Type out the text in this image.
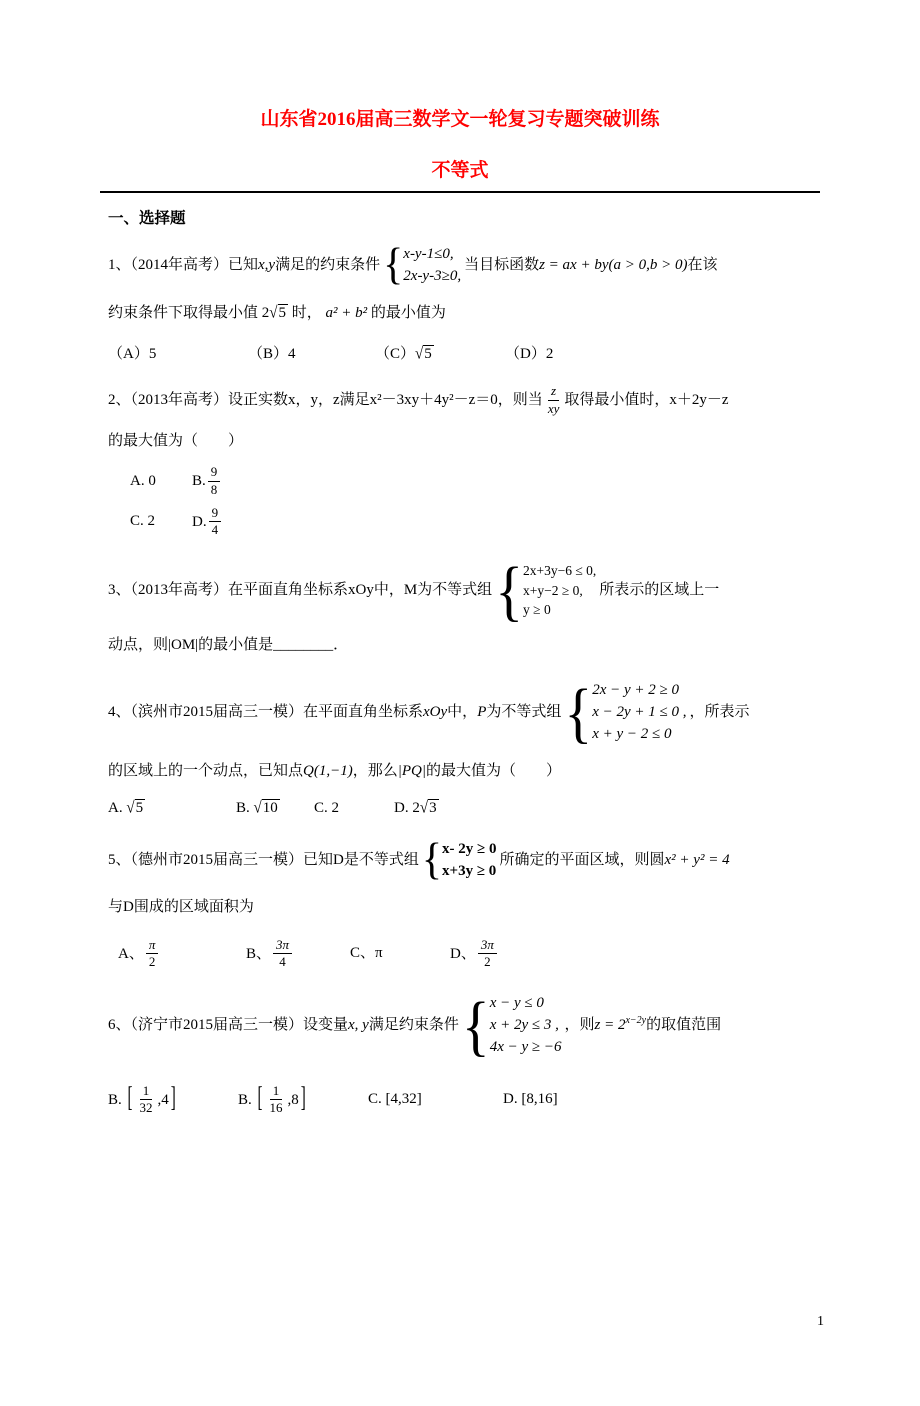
山东省2016届高三数学文一轮复习专题突破训练
不等式

一、选择题

1、（2014年高考）已知x,y满足的约束条件 { x-y-1≤0,
2x-y-3≥0,
当目标函数z = ax + by(a > 0,b > 0)在该

约束条件下取得最小值 2√5 时， a² + b² 的最小值为

（A）5	（B）4	（C）√5	（D）2

2、（2013年高考）设正实数x，y，z满足x²－3xy＋4y²－z＝0，则当 $\frac{z}{xy}$ 取得最小值时，x＋2y－z

的最大值为（　　）

A. 0 B. $\frac{9}{8}$

C. 2 D. $\frac{9}{4}$

3、（2013年高考）在平面直角坐标系xOy中，M为不等式组 { 2x+3y−6 ≤ 0,
x+y−2 ≥ 0,
y ≥ 0
所表示的区域上一

动点，则|OM|的最小值是________．

4、（滨州市2015届高三一模）在平面直角坐标系xOy中，P为不等式组 { 2x − y + 2 ≥ 0
x − 2y + 1 ≤ 0 ,
x + y − 2 ≤ 0
，所表示

的区域上的一个动点，已知点Q(1,−1)，那么|PQ|的最大值为（　　）

A. √5	B. √10 C. 2	D. 2√3

5、（德州市2015届高三一模）已知D是不等式组 { x- 2y ≥ 0
x+3y ≥ 0
所确定的平面区域，则圆x² + y² = 4

与D围成的区域面积为

A、 $\frac{\pi}{2}$	B、 $\frac{3\pi}{4}$	C、π	D、 $\frac{3\pi}{2}$

6、（济宁市2015届高三一模）设变量x, y满足约束条件 { x − y ≤ 0
x + 2y ≤ 3 ,
4x − y ≥ −6
，则$z = 2^{x-2y}$的取值范围

B. [ $\frac{1}{32} ,4$ ]	B. [ $\frac{1}{16} ,8$ ]	C. [4,32]	D. [8,16]

1
